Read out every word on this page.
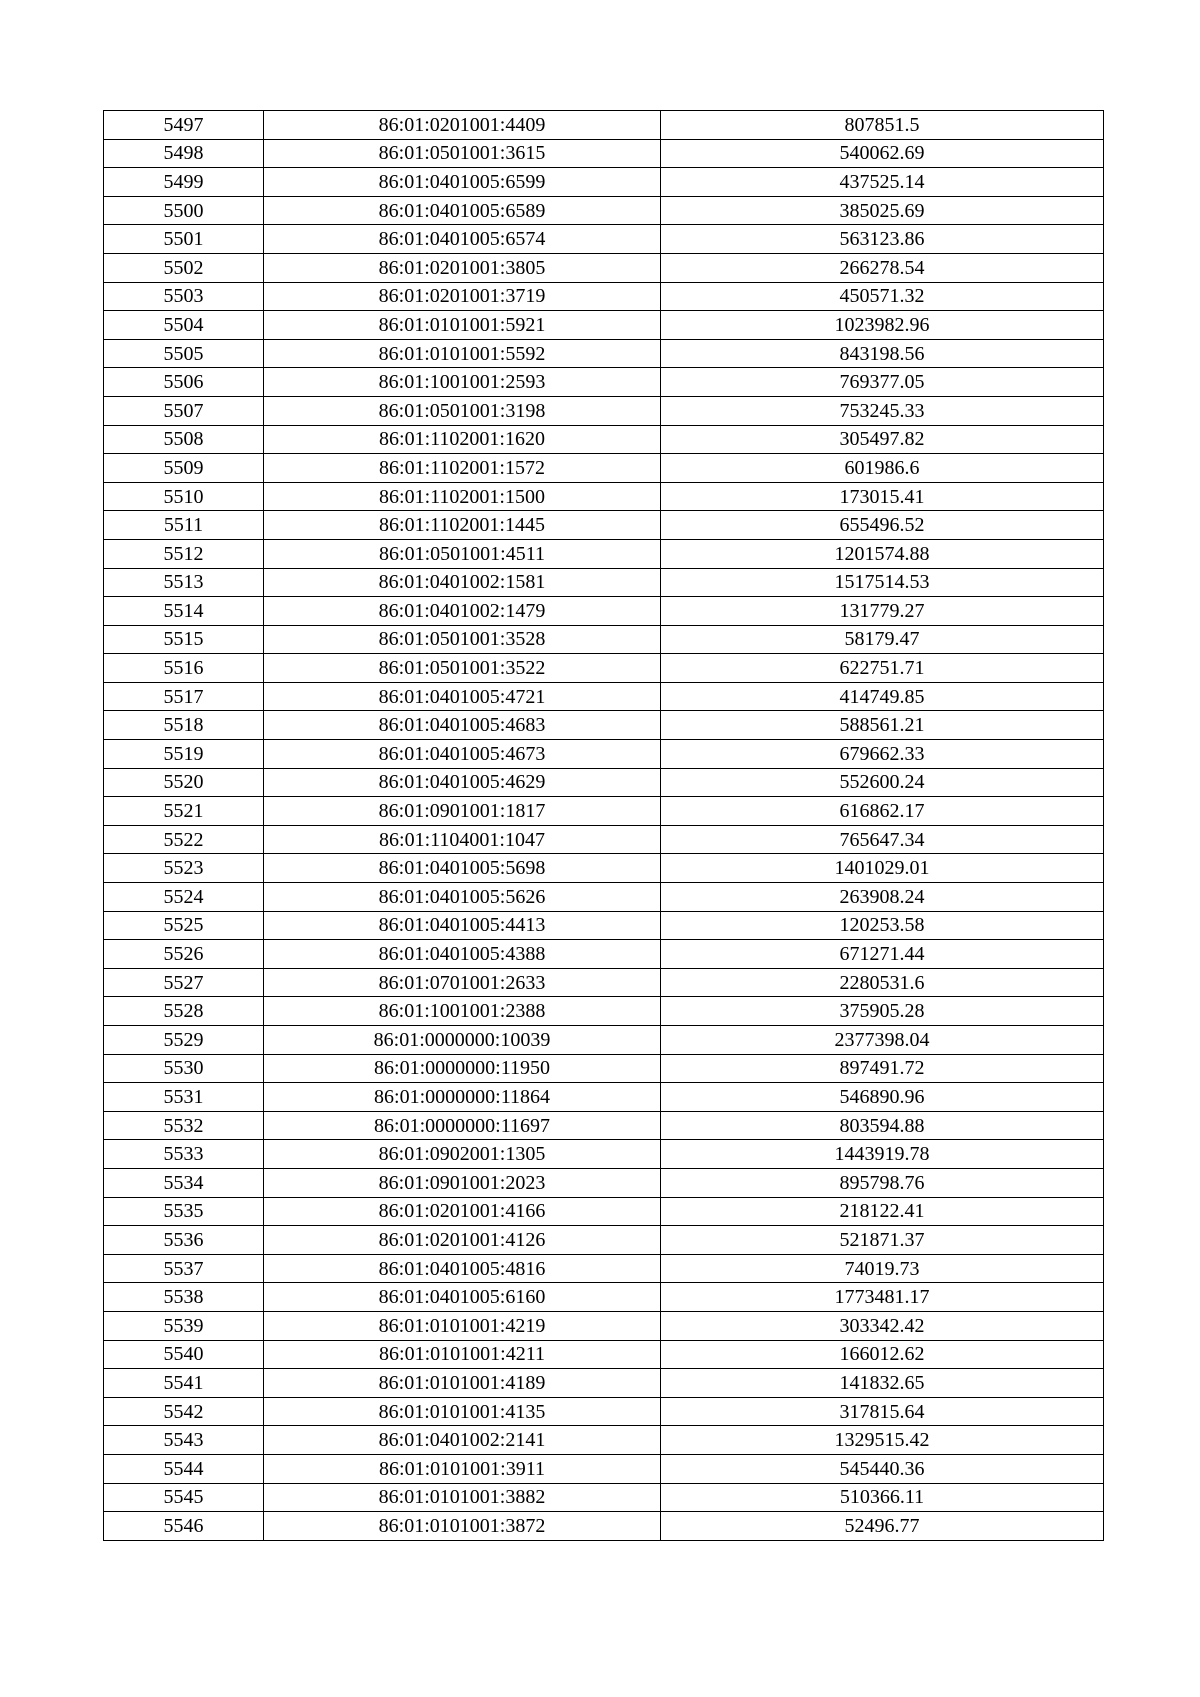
5497	86:01:0201001:4409	807851.5
5498	86:01:0501001:3615	540062.69
5499	86:01:0401005:6599	437525.14
5500	86:01:0401005:6589	385025.69
5501	86:01:0401005:6574	563123.86
5502	86:01:0201001:3805	266278.54
5503	86:01:0201001:3719	450571.32
5504	86:01:0101001:5921	1023982.96
5505	86:01:0101001:5592	843198.56
5506	86:01:1001001:2593	769377.05
5507	86:01:0501001:3198	753245.33
5508	86:01:1102001:1620	305497.82
5509	86:01:1102001:1572	601986.6
5510	86:01:1102001:1500	173015.41
5511	86:01:1102001:1445	655496.52
5512	86:01:0501001:4511	1201574.88
5513	86:01:0401002:1581	1517514.53
5514	86:01:0401002:1479	131779.27
5515	86:01:0501001:3528	58179.47
5516	86:01:0501001:3522	622751.71
5517	86:01:0401005:4721	414749.85
5518	86:01:0401005:4683	588561.21
5519	86:01:0401005:4673	679662.33
5520	86:01:0401005:4629	552600.24
5521	86:01:0901001:1817	616862.17
5522	86:01:1104001:1047	765647.34
5523	86:01:0401005:5698	1401029.01
5524	86:01:0401005:5626	263908.24
5525	86:01:0401005:4413	120253.58
5526	86:01:0401005:4388	671271.44
5527	86:01:0701001:2633	2280531.6
5528	86:01:1001001:2388	375905.28
5529	86:01:0000000:10039	2377398.04
5530	86:01:0000000:11950	897491.72
5531	86:01:0000000:11864	546890.96
5532	86:01:0000000:11697	803594.88
5533	86:01:0902001:1305	1443919.78
5534	86:01:0901001:2023	895798.76
5535	86:01:0201001:4166	218122.41
5536	86:01:0201001:4126	521871.37
5537	86:01:0401005:4816	74019.73
5538	86:01:0401005:6160	1773481.17
5539	86:01:0101001:4219	303342.42
5540	86:01:0101001:4211	166012.62
5541	86:01:0101001:4189	141832.65
5542	86:01:0101001:4135	317815.64
5543	86:01:0401002:2141	1329515.42
5544	86:01:0101001:3911	545440.36
5545	86:01:0101001:3882	510366.11
5546	86:01:0101001:3872	52496.77
